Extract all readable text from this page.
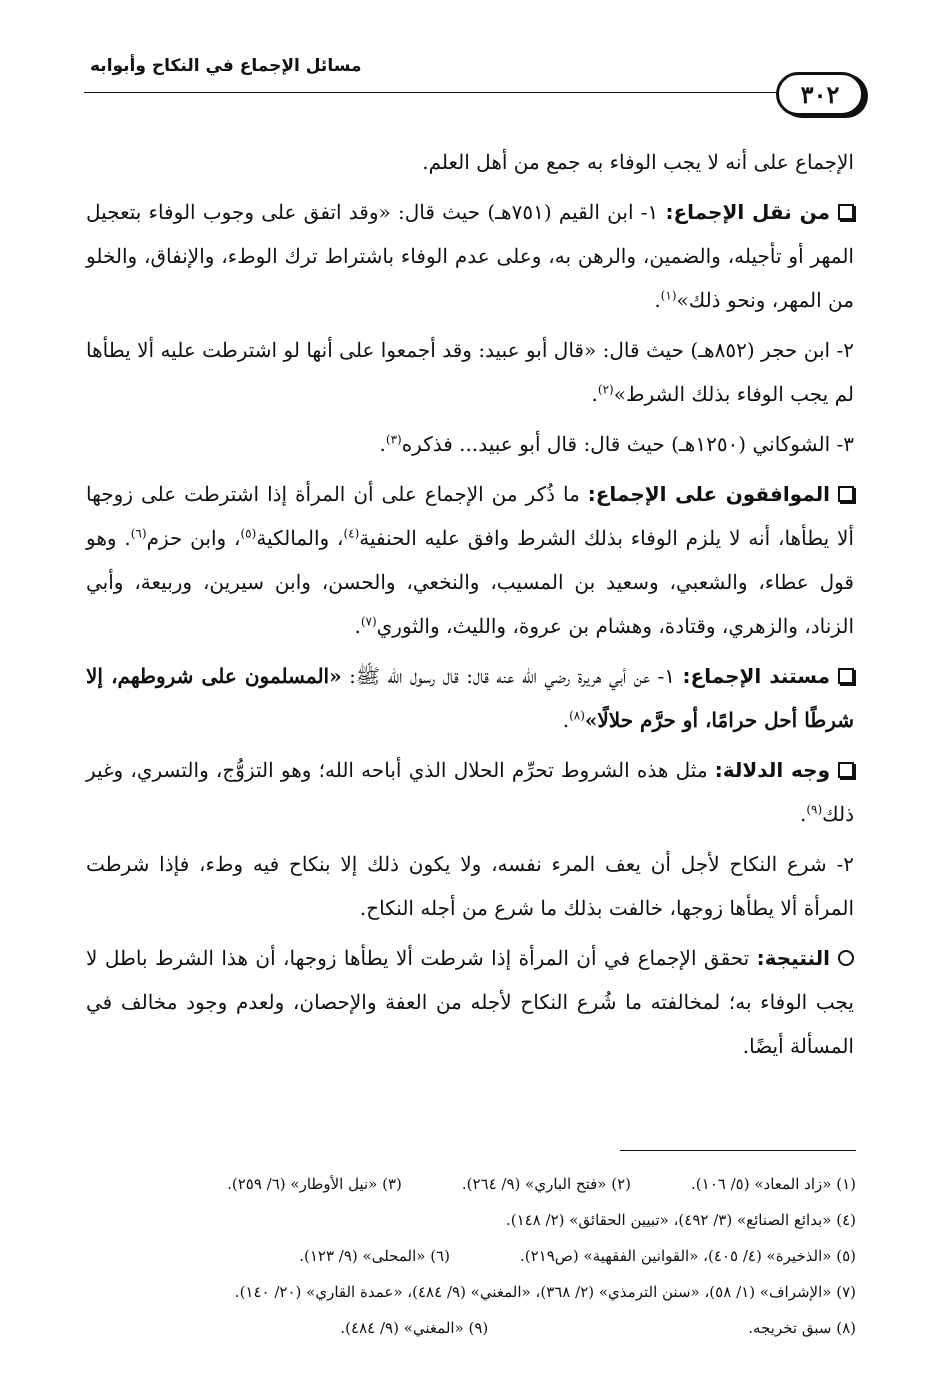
مسائل الإجماع في النكاح وأبوابه
٣٠٢

الإجماع على أنه لا يجب الوفاء به جمع من أهل العلم.

من نقل الإجماع: ١- ابن القيم (٧٥١هـ) حيث قال: «وقد اتفق على وجوب الوفاء بتعجيل المهر أو تأجيله، والضمين، والرهن به، وعلى عدم الوفاء باشتراط ترك الوطء، والإنفاق، والخلو من المهر، ونحو ذلك»$^{(١)}$.

٢- ابن حجر (٨٥٢هـ) حيث قال: «قال أبو عبيد: وقد أجمعوا على أنها لو اشترطت عليه ألا يطأها لم يجب الوفاء بذلك الشرط»$^{(٢)}$.

٣- الشوكاني (١٢٥٠هـ) حيث قال: قال أبو عبيد... فذكره$^{(٣)}$.

الموافقون على الإجماع: ما ذُكر من الإجماع على أن المرأة إذا اشترطت على زوجها ألا يطأها، أنه لا يلزم الوفاء بذلك الشرط وافق عليه الحنفية$^{(٤)}$، والمالكية$^{(٥)}$، وابن حزم$^{(٦)}$. وهو قول عطاء، والشعبي، وسعيد بن المسيب، والنخعي، والحسن، وابن سيرين، وربيعة، وأبي الزناد، والزهري، وقتادة، وهشام بن عروة، والليث، والثوري$^{(٧)}$.

مستند الإجماع: ١- عن أبي هريرة رضي الله عنه قال: قال رسول الله ﷺ: «المسلمون على شروطهم، إلا شرطًا أحل حرامًا، أو حرَّم حلالًا»$^{(٨)}$.

وجه الدلالة: مثل هذه الشروط تحرِّم الحلال الذي أباحه الله؛ وهو التزوُّج، والتسري، وغير ذلك$^{(٩)}$.

٢- شرع النكاح لأجل أن يعف المرء نفسه، ولا يكون ذلك إلا بنكاح فيه وطء، فإذا شرطت المرأة ألا يطأها زوجها، خالفت بذلك ما شرع من أجله النكاح.

النتيجة: تحقق الإجماع في أن المرأة إذا شرطت ألا يطأها زوجها، أن هذا الشرط باطل لا يجب الوفاء به؛ لمخالفته ما شُرع النكاح لأجله من العفة والإحصان، ولعدم وجود مخالف في المسألة أيضًا.

(١) «زاد المعاد» (٥/ ١٠٦).
(٢) «فتح الباري» (٩/ ٢٦٤).
(٣) «نيل الأوطار» (٦/ ٢٥٩).
(٤) «بدائع الصنائع» (٣/ ٤٩٢)، «تبيين الحقائق» (٢/ ١٤٨).
(٥) «الذخيرة» (٤/ ٤٠٥)، «القوانين الفقهية» (ص٢١٩).
(٦) «المحلى» (٩/ ١٢٣).
(٧) «الإشراف» (١/ ٥٨)، «سنن الترمذي» (٢/ ٣٦٨)، «المغني» (٩/ ٤٨٤)، «عمدة القاري» (٢٠/ ١٤٠).
(٨) سبق تخريجه.
(٩) «المغني» (٩/ ٤٨٤).
